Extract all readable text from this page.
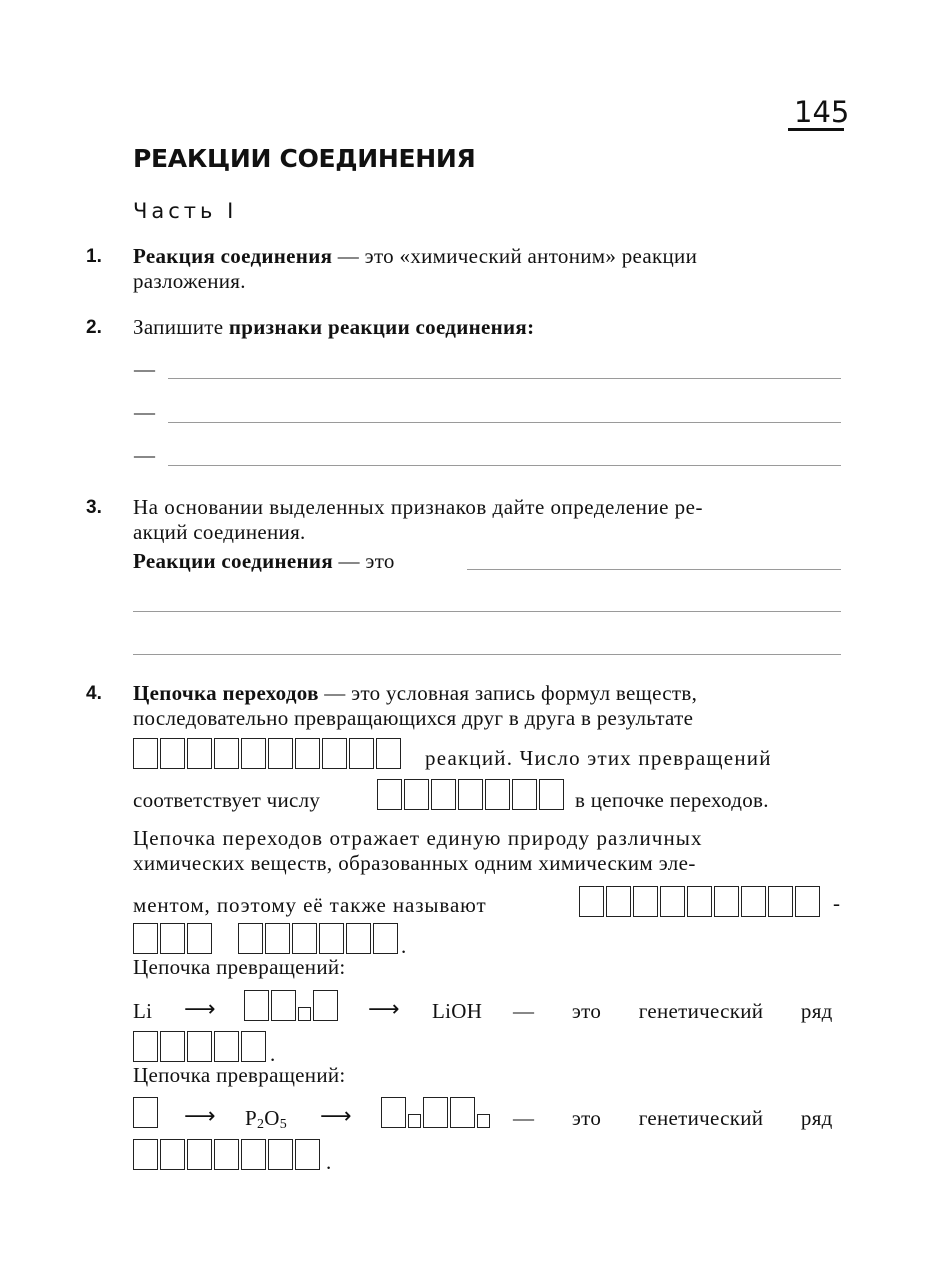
145
РЕАКЦИИ СОЕДИНЕНИЯ
Часть I
1. Реакция соединения — это «химический антоним» реакции
разложения.
2. Запишите признаки реакции соединения:
—
—
—
3. На основании выделенных признаков дайте определение ре-
акций соединения.
Реакции соединения — это
4. Цепочка переходов — это условная запись формул веществ,
последовательно превращающихся друг в друга в результате
реакций. Число этих превращений
соответствует числу	в цепочке переходов.
Цепочка переходов отражает единую природу различных
химических веществ, образованных одним химическим эле-
ментом, поэтому её также называют	-
.
Цепочка превращений:
Li ⟶	⟶ LiOH — это генетический ряд
.
Цепочка превращений:
⟶ $P_2O_5$ ⟶	— это генетический ряд
.
